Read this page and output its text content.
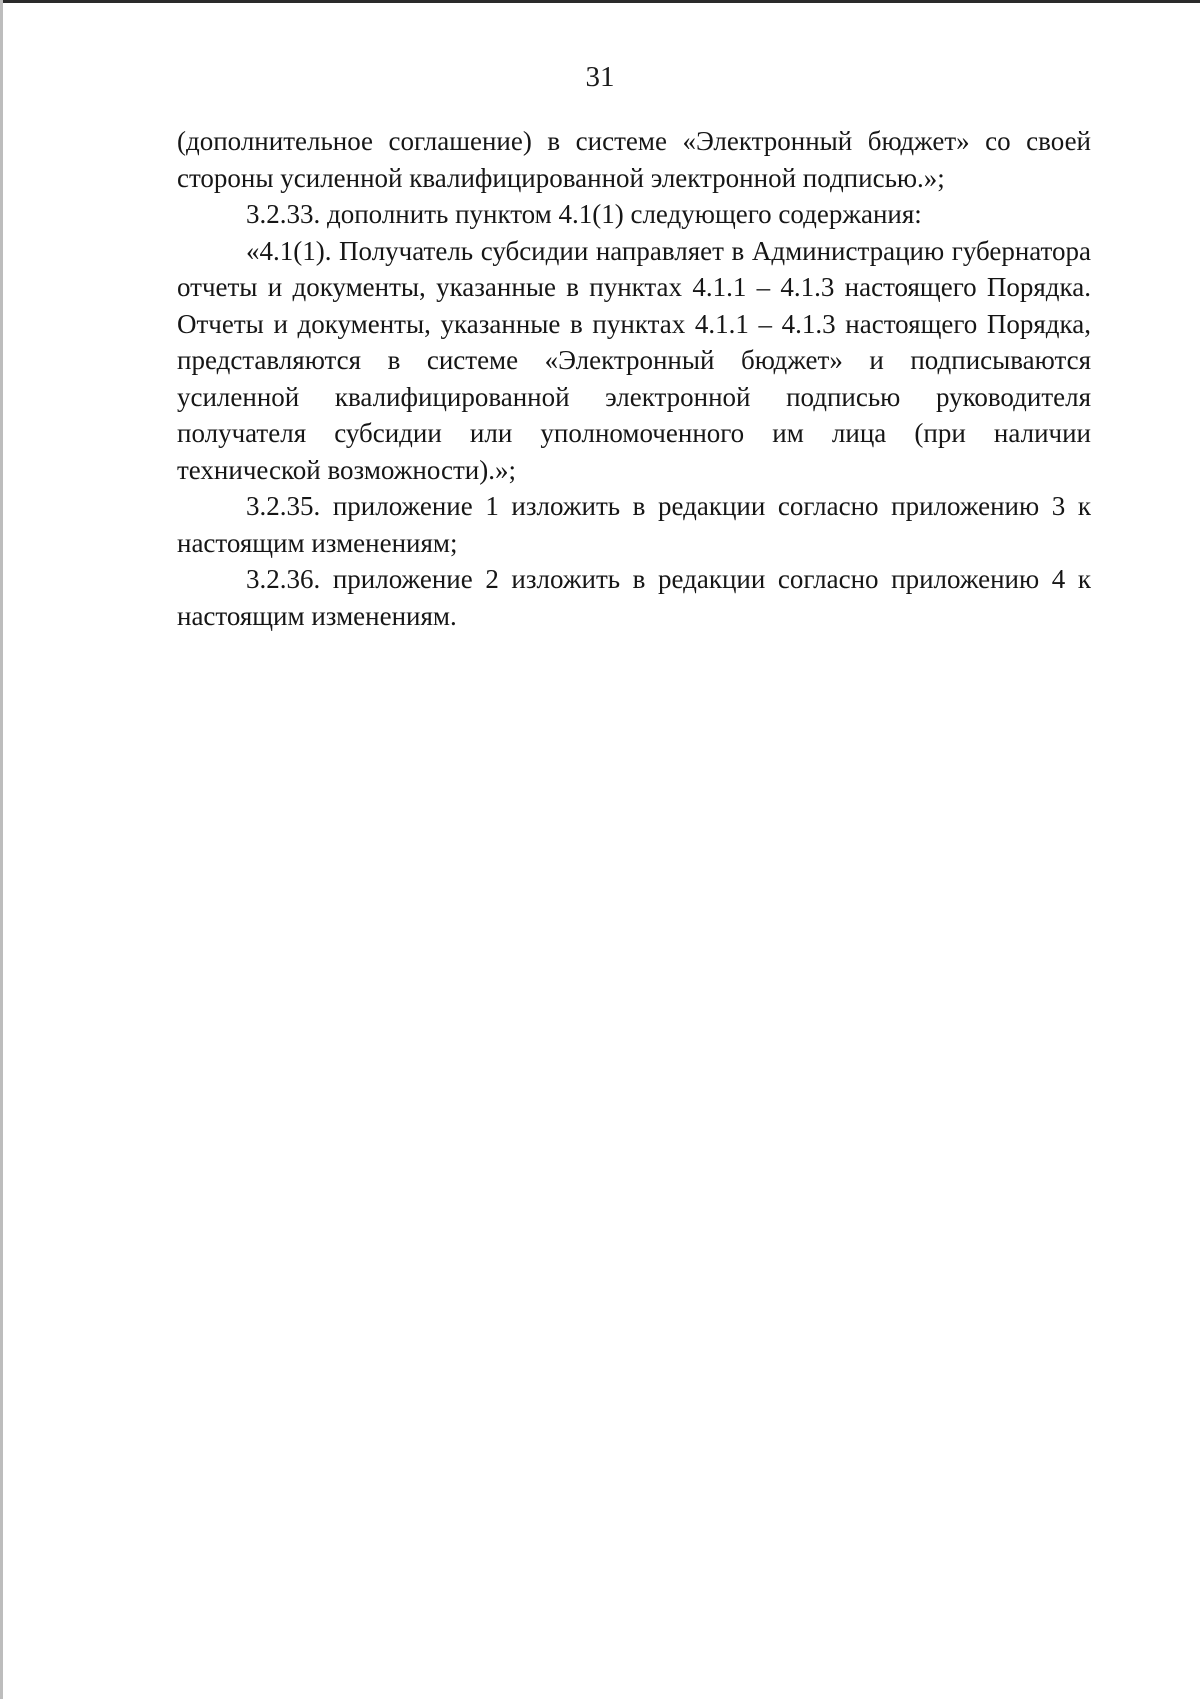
31

(дополнительное соглашение) в системе «Электронный бюджет» со своей стороны усиленной квалифицированной электронной подписью.»;

3.2.33. дополнить пунктом 4.1(1) следующего содержания:

«4.1(1). Получатель субсидии направляет в Администрацию губернатора отчеты и документы, указанные в пунктах 4.1.1 – 4.1.3 настоящего Порядка. Отчеты и документы, указанные в пунктах 4.1.1 – 4.1.3 настоящего Порядка, представляются в системе «Электронный бюджет» и подписываются усиленной квалифицированной электронной подписью руководителя получателя субсидии или уполномоченного им лица (при наличии технической возможности).»;

3.2.35. приложение 1 изложить в редакции согласно приложению 3 к настоящим изменениям;

3.2.36. приложение 2 изложить в редакции согласно приложению 4 к настоящим изменениям.
